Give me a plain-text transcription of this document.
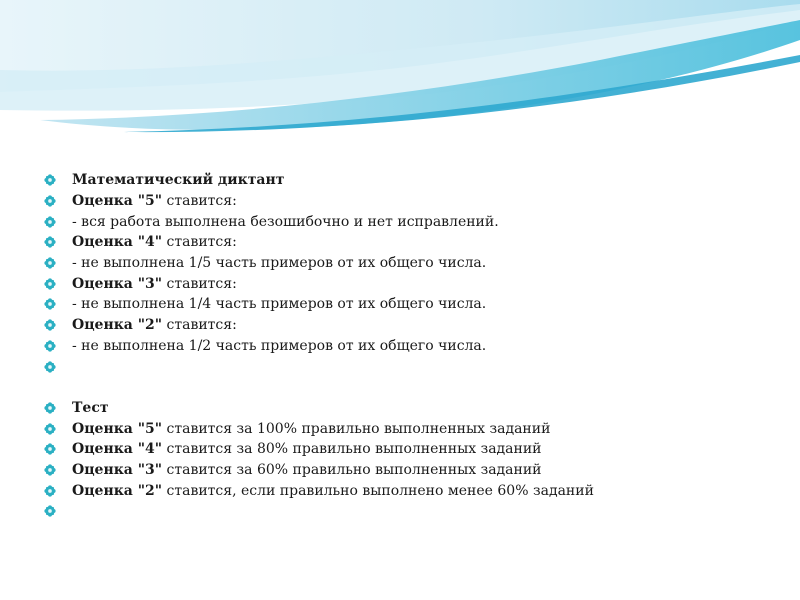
Математический диктант
Оценка "5" ставится:
- вся работа выполнена безошибочно и нет исправлений.
Оценка "4" ставится:
- не выполнена 1/5 часть примеров от их общего числа.
Оценка "3" ставится:
- не выполнена 1/4 часть примеров от их общего числа.
Оценка "2" ставится:
- не выполнена 1/2 часть примеров от их общего числа.
Тест
Оценка "5" ставится за 100% правильно выполненных заданий
Оценка "4" ставится за 80% правильно выполненных заданий
Оценка "3" ставится за 60% правильно выполненных заданий
Оценка "2" ставится, если правильно выполнено менее 60% заданий
